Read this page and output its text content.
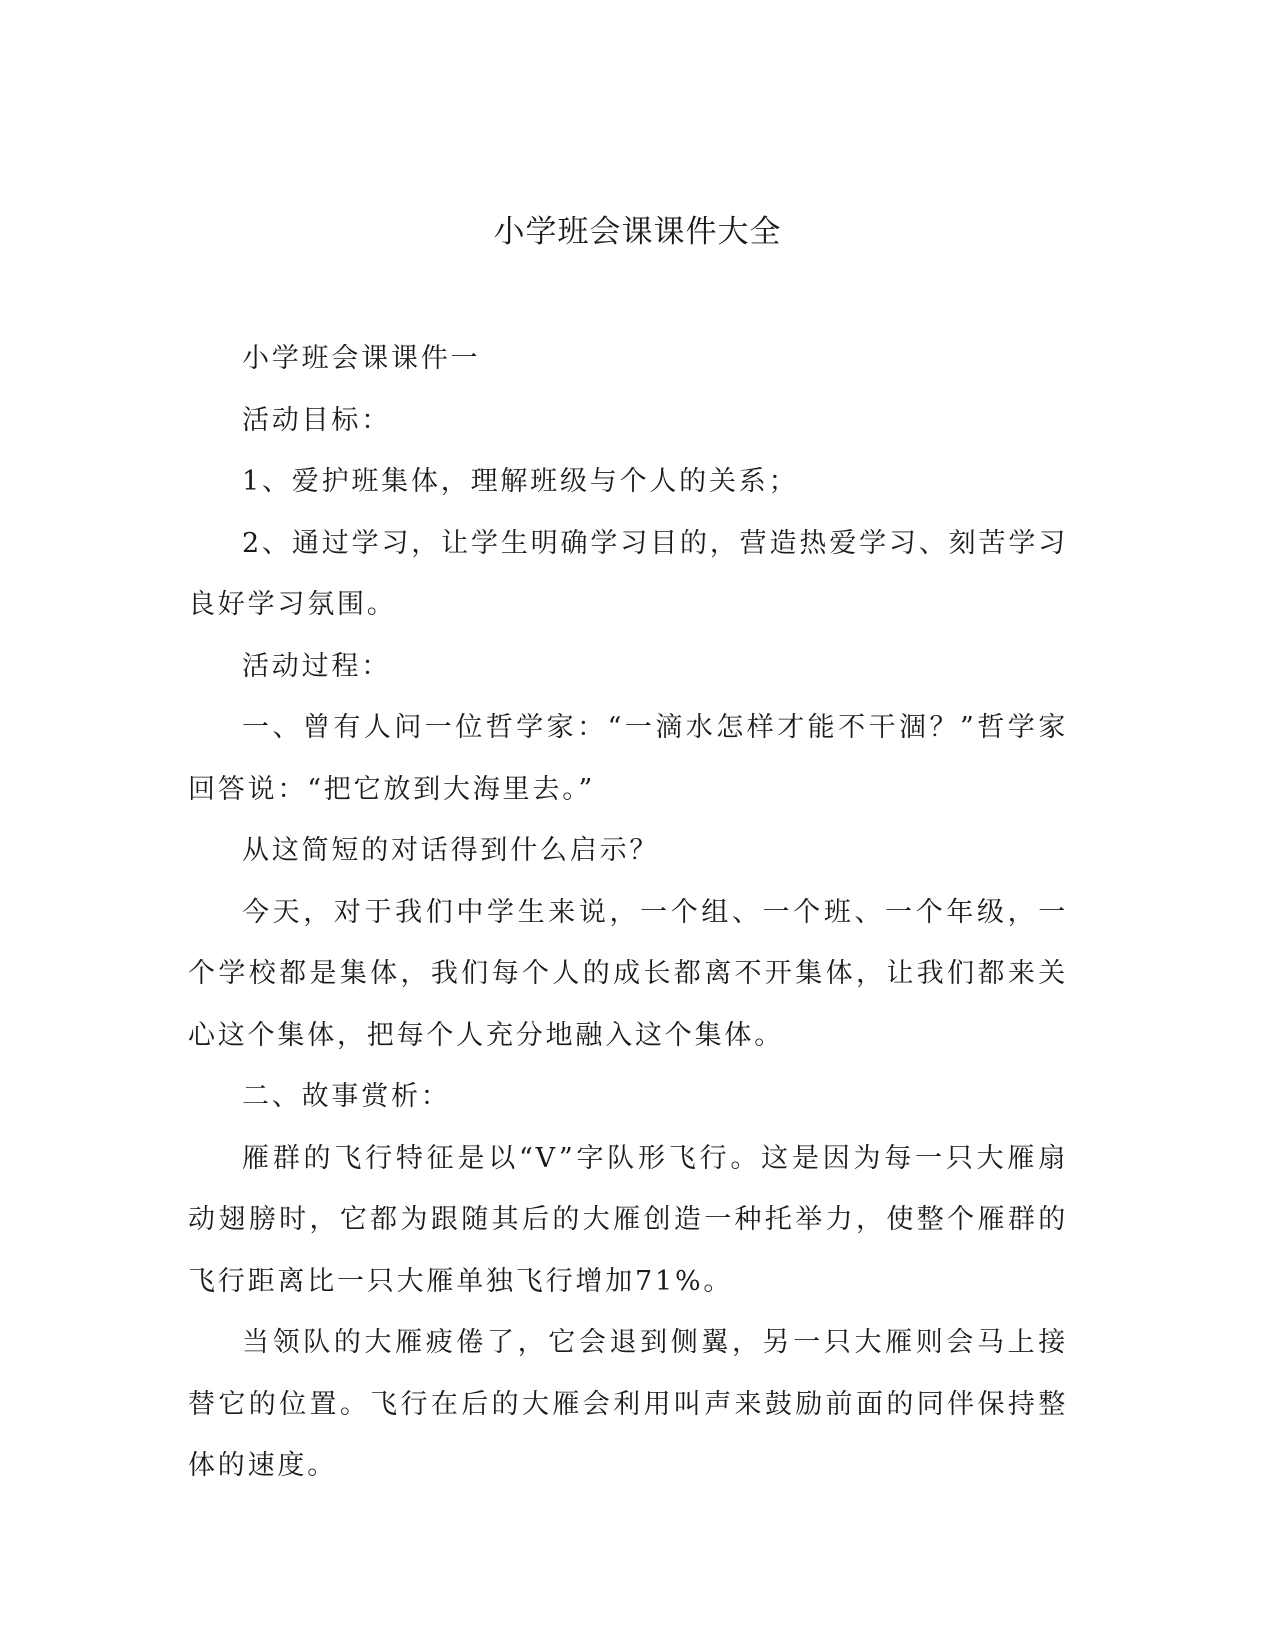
小学班会课课件大全

小学班会课课件一

活动目标：

1、爱护班集体，理解班级与个人的关系；

2、通过学习，让学生明确学习目的，营造热爱学习、刻苦学习良好学习氛围。

活动过程：

一、曾有人问一位哲学家：“一滴水怎样才能不干涸？”哲学家回答说：“把它放到大海里去。”

从这简短的对话得到什么启示？

今天，对于我们中学生来说，一个组、一个班、一个年级，一个学校都是集体，我们每个人的成长都离不开集体，让我们都来关心这个集体，把每个人充分地融入这个集体。

二、故事赏析：

雁群的飞行特征是以“V”字队形飞行。这是因为每一只大雁扇动翅膀时，它都为跟随其后的大雁创造一种托举力，使整个雁群的飞行距离比一只大雁单独飞行增加71%。

当领队的大雁疲倦了，它会退到侧翼，另一只大雁则会马上接替它的位置。飞行在后的大雁会利用叫声来鼓励前面的同伴保持整体的速度。
